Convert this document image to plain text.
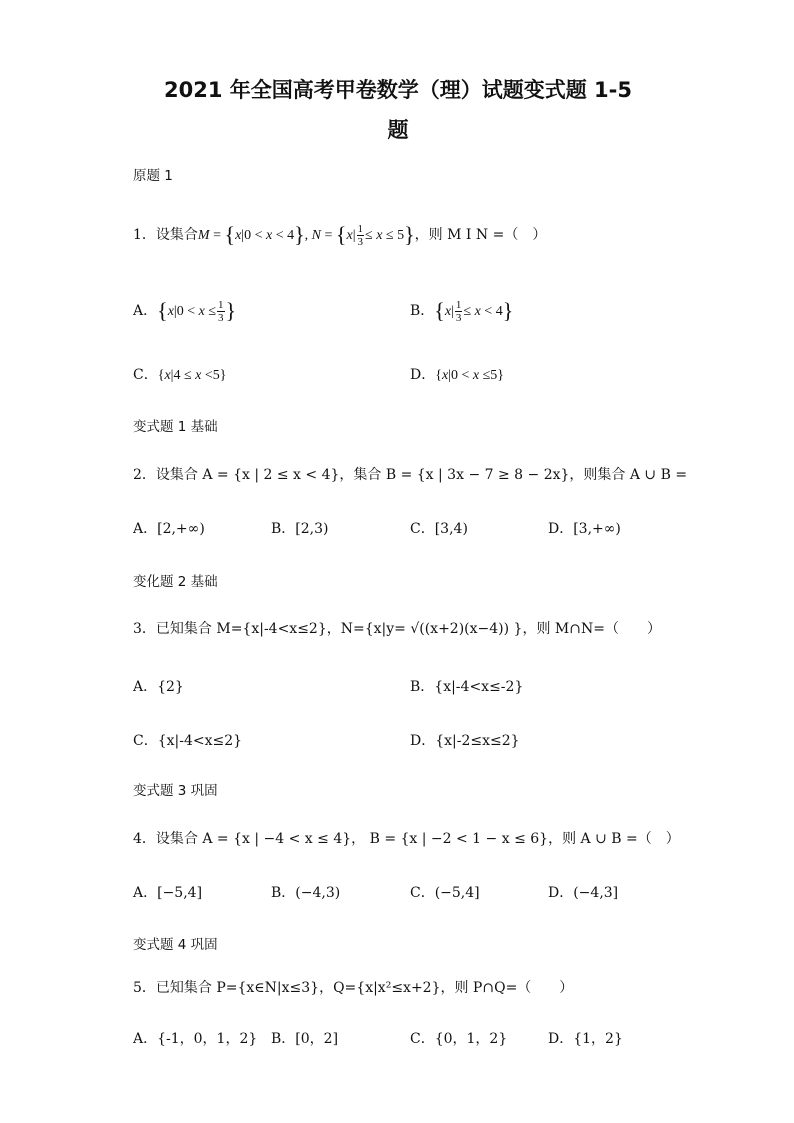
2021 年全国高考甲卷数学（理）试题变式题 1-5
题
原题 1
1．设集合M = {x|0 < x < 4}, $N = \{x| \frac{1}{3} \le x \le 5\}$，则 M I N =（　）
A．{$x|0 < x \le \frac{1}{3}$ }	B．$\{x| \frac{1}{3} \le x < 4\}$
C．{x|4 ≤ x <5}	D．{x|0 < x ≤5}
变式题 1 基础
2．设集合 A = {x | 2 ≤ x < 4}，集合 B = {x | 3x − 7 ≥ 8 − 2x}，则集合 A ∪ B =
A．[2,+∞)	B．[2,3)	C．[3,4)	D．[3,+∞)
变化题 2 基础
3．已知集合 M={x|-4<x≤2}，N={x|y= √((x+2)(x−4)) }，则 M∩N=（　　）
A．{2}	B．{x|-4<x≤-2}
C．{x|-4<x≤2}	D．{x|-2≤x≤2}
变式题 3 巩固
4．设集合 A = {x | −4 < x ≤ 4}， B = {x | −2 < 1 − x ≤ 6}，则 A ∪ B =（　）
A．[−5,4]	B．(−4,3)	C．(−5,4]	D．(−4,3]
变式题 4 巩固
5．已知集合 P={x∈N|x≤3}，Q={x|x²≤x+2}，则 P∩Q=（　　）
A．{-1，0，1，2} B．[0，2]	C．{0，1，2}	D．{1，2}
